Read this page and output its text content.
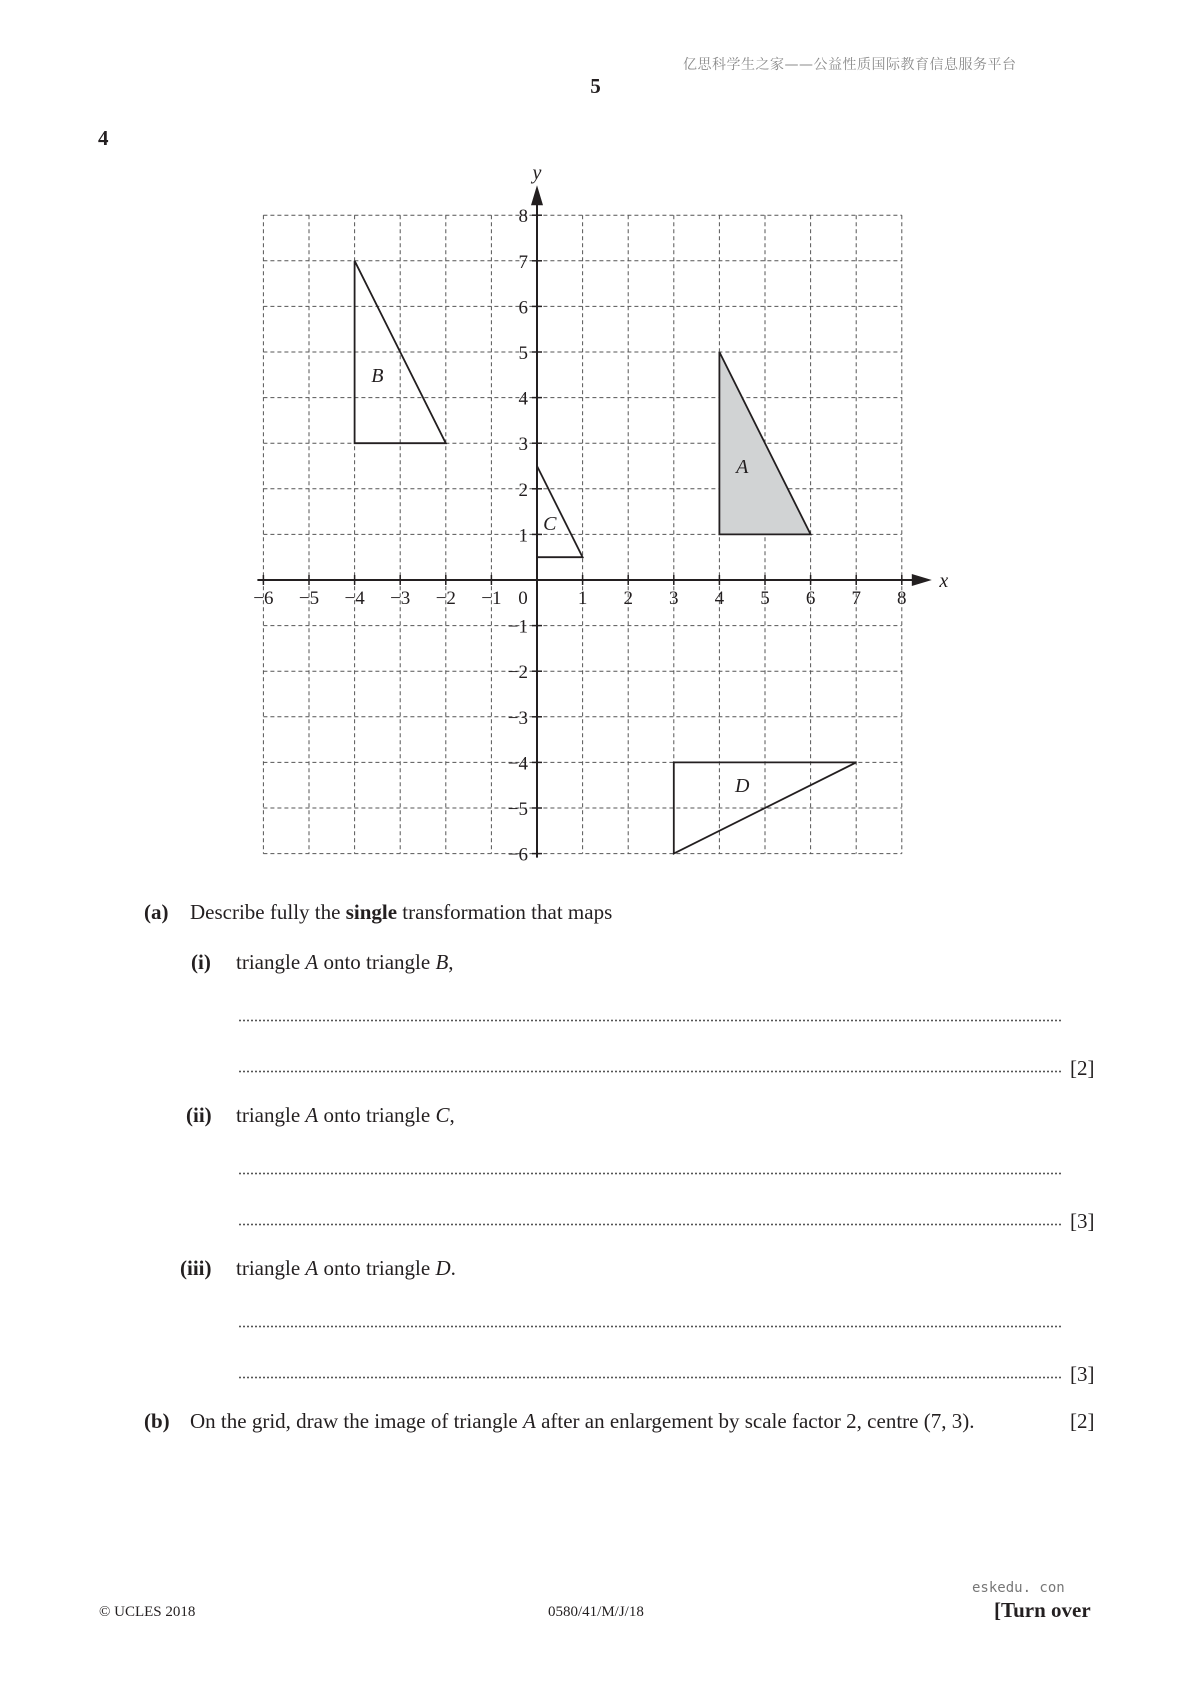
亿思科学生之家——公益性质国际教育信息服务平台
5
4
A
B
C
D
x
y
−6 −5 −4 −3 −2 −1 0	1 2 3 4 5 6 7 8
8
7
6
5
4
3
2
1
−1
−2
−3
−4
−5
−6
(a) Describe fully the single transformation that maps
(i) triangle A onto triangle B,
[2]
(ii) triangle A onto triangle C,
[3]
(iii) triangle A onto triangle D.
[3]
(b) On the grid, draw the image of triangle A after an enlargement by scale factor 2, centre (7, 3).	[2]
eskedu. con
© UCLES 2018	0580/41/M/J/18	[Turn over
